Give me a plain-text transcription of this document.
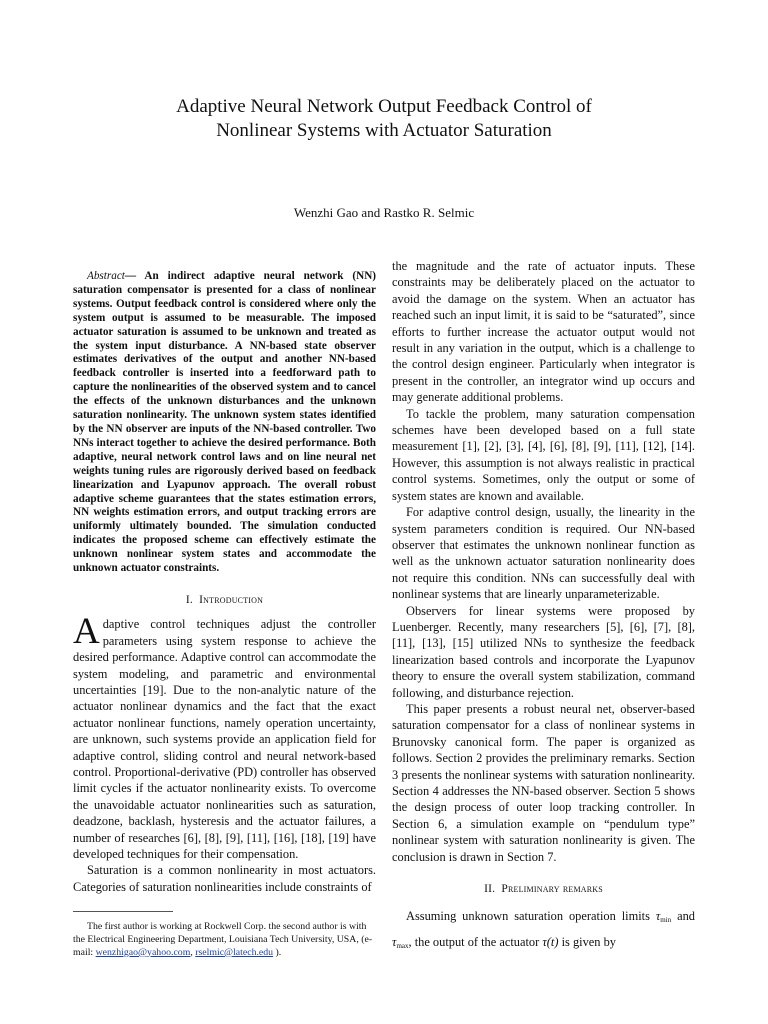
Adaptive Neural Network Output Feedback Control of
Nonlinear Systems with Actuator Saturation
Wenzhi Gao and Rastko R. Selmic

Abstract— An indirect adaptive neural network (NN) saturation compensator is presented for a class of nonlinear systems. Output feedback control is considered where only the system output is assumed to be measurable. The imposed actuator saturation is assumed to be unknown and treated as the system input disturbance. A NN-based state observer estimates derivatives of the output and another NN-based feedback controller is inserted into a feedforward path to capture the nonlinearities of the observed system and to cancel the effects of the unknown disturbances and the unknown saturation nonlinearity. The unknown system states identified by the NN observer are inputs of the NN-based controller. Two NNs interact together to achieve the desired performance. Both adaptive, neural network control laws and on line neural net weights tuning rules are rigorously derived based on feedback linearization and Lyapunov approach. The overall robust adaptive scheme guarantees that the states estimation errors, NN weights estimation errors, and output tracking errors are uniformly ultimately bounded. The simulation conducted indicates the proposed scheme can effectively estimate the unknown nonlinear system states and accommodate the unknown actuator constraints.

I. Introduction

Adaptive control techniques adjust the controller parameters using system response to achieve the desired performance. Adaptive control can accommodate the system modeling, and parametric and environmental uncertainties [19]. Due to the non-analytic nature of the actuator nonlinear dynamics and the fact that the exact actuator nonlinear functions, namely operation uncertainty, are unknown, such systems provide an application field for adaptive control, sliding control and neural network-based control. Proportional-derivative (PD) controller has observed limit cycles if the actuator nonlinearity exists. To overcome the unavoidable actuator nonlinearities such as saturation, deadzone, backlash, hysteresis and the actuator failures, a number of researches [6], [8], [9], [11], [16], [18], [19] have developed techniques for their compensation.

Saturation is a common nonlinearity in most actuators. Categories of saturation nonlinearities include constraints of

The first author is working at Rockwell Corp. the second author is with the Electrical Engineering Department, Louisiana Tech University, USA, (e-mail: wenzhigao@yahoo.com, rselmic@latech.edu ).

the magnitude and the rate of actuator inputs. These constraints may be deliberately placed on the actuator to avoid the damage on the system. When an actuator has reached such an input limit, it is said to be “saturated”, since efforts to further increase the actuator output would not result in any variation in the output, which is a challenge to the control design engineer. Particularly when integrator is present in the controller, an integrator wind up occurs and may generate additional problems.

To tackle the problem, many saturation compensation schemes have been developed based on a full state measurement [1], [2], [3], [4], [6], [8], [9], [11], [12], [14]. However, this assumption is not always realistic in practical control systems. Sometimes, only the output or some of system states are known and available.

For adaptive control design, usually, the linearity in the system parameters condition is required. Our NN-based observer that estimates the unknown nonlinear function as well as the unknown actuator saturation nonlinearity does not require this condition. NNs can successfully deal with nonlinear systems that are linearly unparameterizable.

Observers for linear systems were proposed by Luenberger. Recently, many researchers [5], [6], [7], [8], [11], [13], [15] utilized NNs to synthesize the feedback linearization based controls and incorporate the Lyapunov theory to ensure the overall system stabilization, command following, and disturbance rejection.

This paper presents a robust neural net, observer-based saturation compensator for a class of nonlinear systems in Brunovsky canonical form. The paper is organized as follows. Section 2 provides the preliminary remarks. Section 3 presents the nonlinear systems with saturation nonlinearity. Section 4 addresses the NN-based observer. Section 5 shows the design process of outer loop tracking controller. In Section 6, a simulation example on “pendulum type” nonlinear system with saturation nonlinearity is given. The conclusion is drawn in Section 7.

II. Preliminary remarks

Assuming unknown saturation operation limits $\tau_{min}$ and $\tau_{max}$, the output of the actuator τ(t) is given by
